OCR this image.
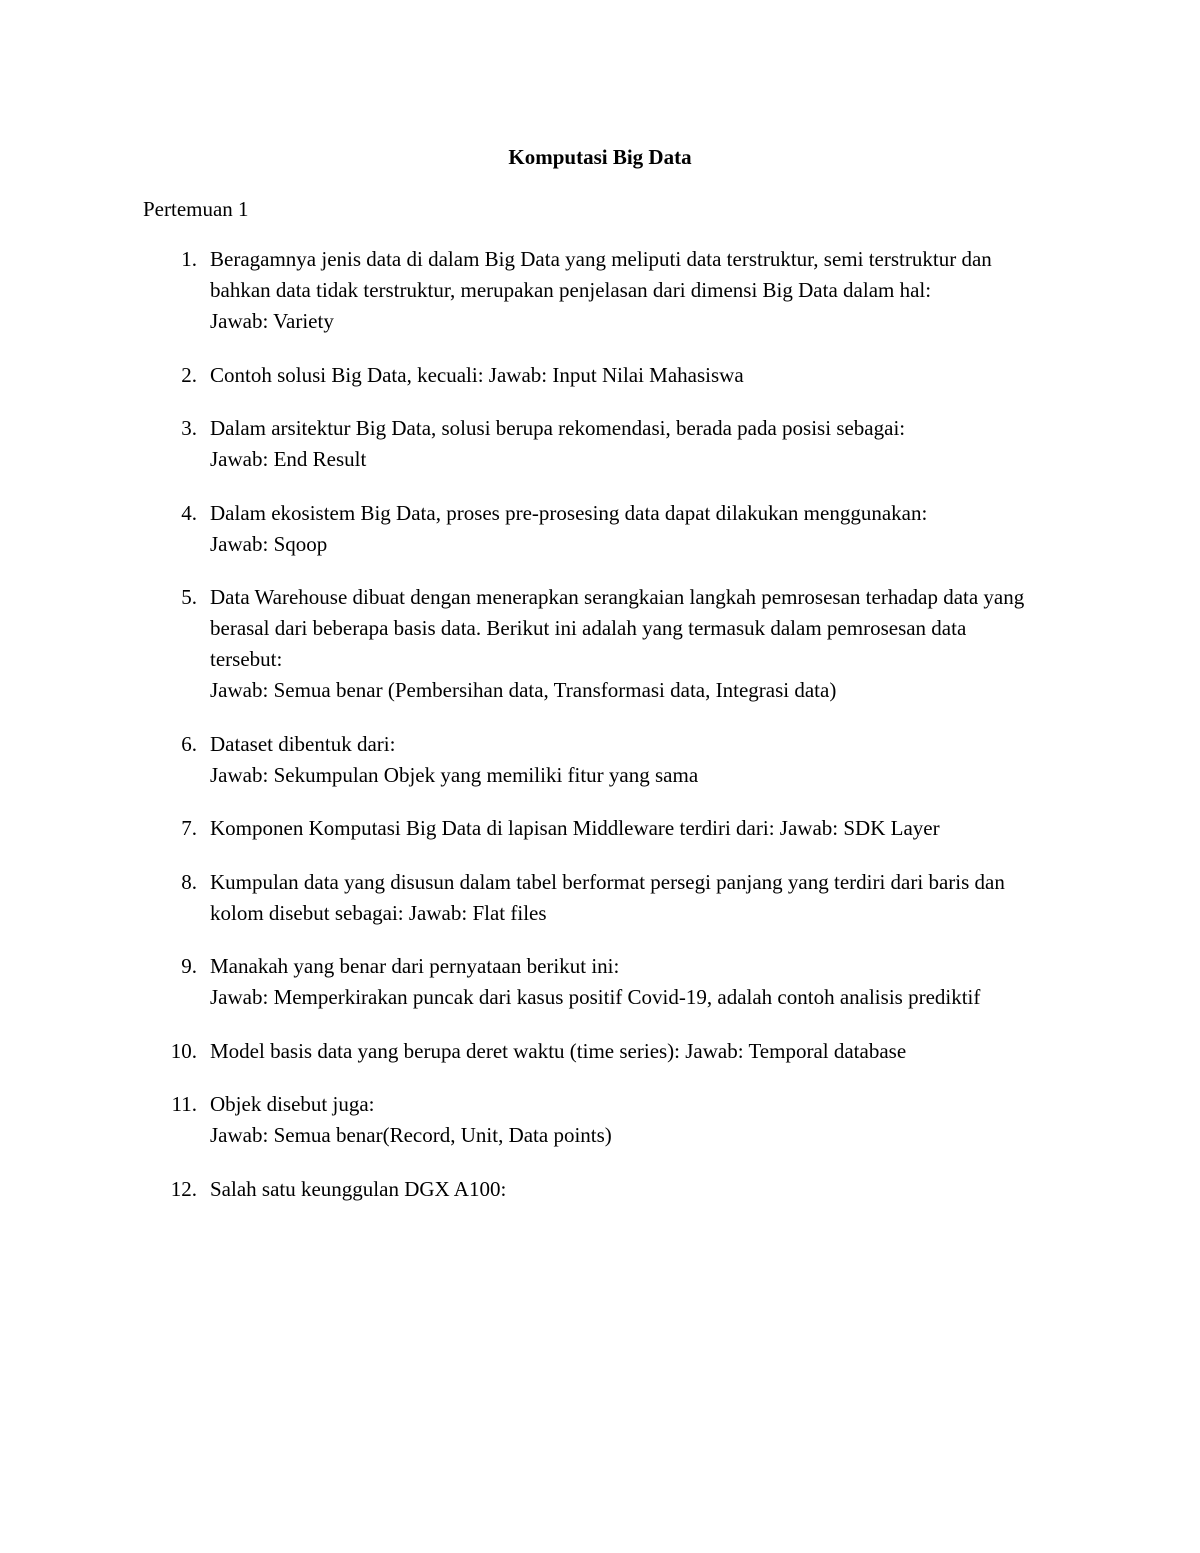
Komputasi Big Data
Pertemuan 1
1. Beragamnya jenis data di dalam Big Data yang meliputi data terstruktur, semi terstruktur dan bahkan data tidak terstruktur, merupakan penjelasan dari dimensi Big Data dalam hal:
Jawab: Variety
2. Contoh solusi Big Data, kecuali: Jawab: Input Nilai Mahasiswa
3. Dalam arsitektur Big Data, solusi berupa rekomendasi, berada pada posisi sebagai:
Jawab: End Result
4. Dalam ekosistem Big Data, proses pre-prosesing data dapat dilakukan menggunakan:
Jawab: Sqoop
5. Data Warehouse dibuat dengan menerapkan serangkaian langkah pemrosesan terhadap data yang berasal dari beberapa basis data. Berikut ini adalah yang termasuk dalam pemrosesan data tersebut:
Jawab: Semua benar (Pembersihan data, Transformasi data, Integrasi data)
6. Dataset dibentuk dari:
Jawab: Sekumpulan Objek yang memiliki fitur yang sama
7. Komponen Komputasi Big Data di lapisan Middleware terdiri dari: Jawab: SDK Layer
8. Kumpulan data yang disusun dalam tabel berformat persegi panjang yang terdiri dari baris dan kolom disebut sebagai: Jawab: Flat files
9. Manakah yang benar dari pernyataan berikut ini:
Jawab: Memperkirakan puncak dari kasus positif Covid-19, adalah contoh analisis prediktif
10. Model basis data yang berupa deret waktu (time series): Jawab: Temporal database
11. Objek disebut juga:
Jawab: Semua benar(Record, Unit, Data points)
12. Salah satu keunggulan DGX A100:
